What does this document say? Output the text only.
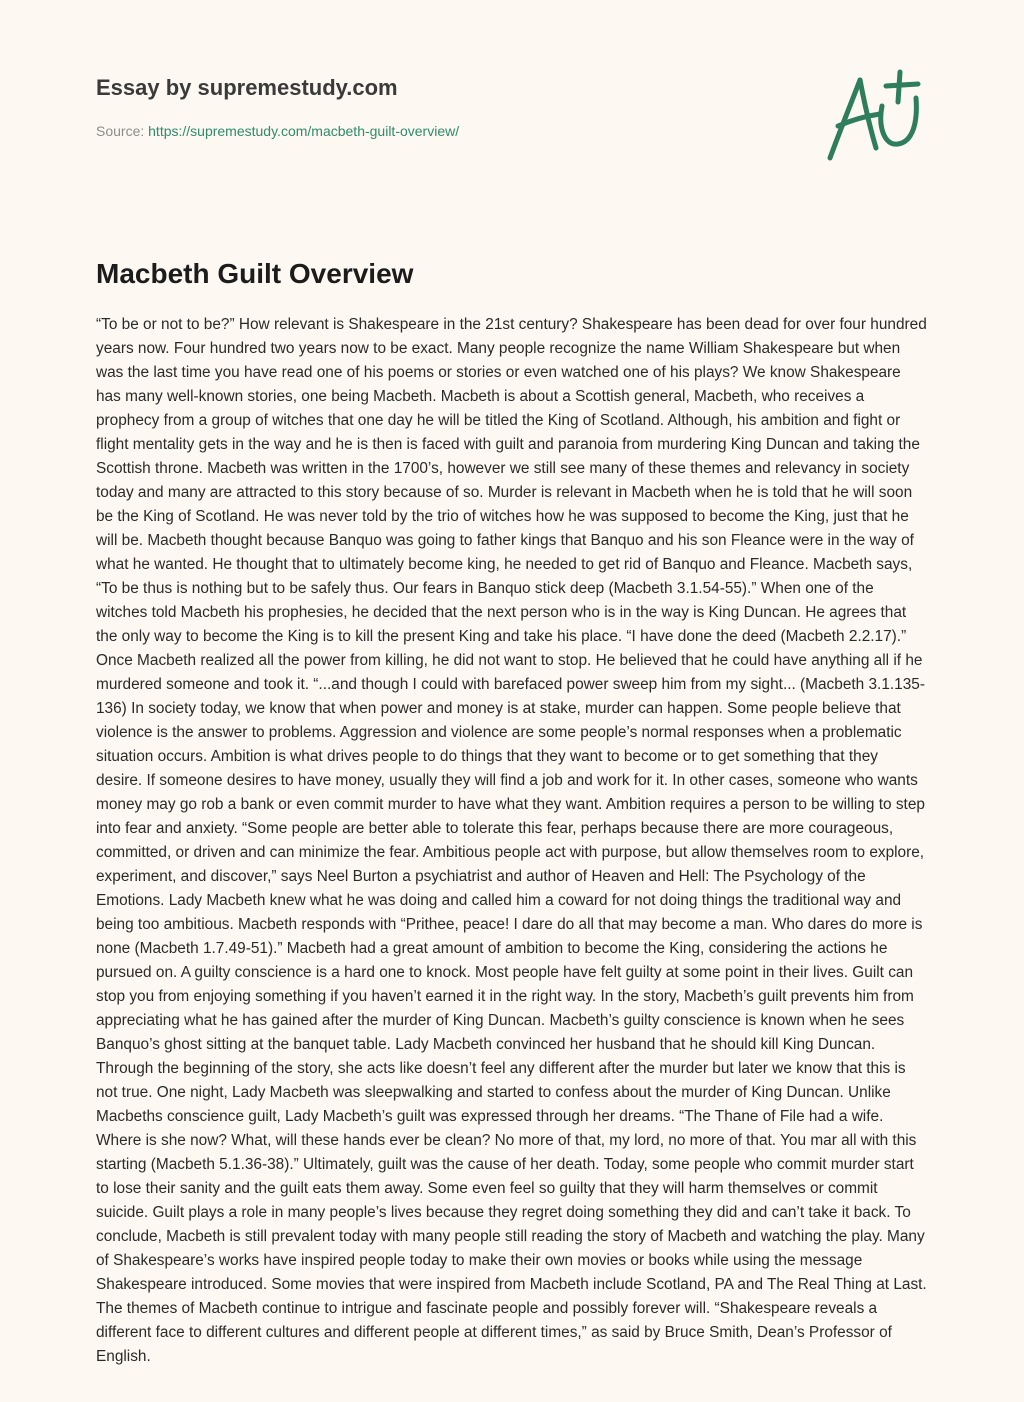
Essay by supremestudy.com
Source: https://supremestudy.com/macbeth-guilt-overview/
Macbeth Guilt Overview

“To be or not to be?” How relevant is Shakespeare in the 21st century? Shakespeare has been dead for over four hundred years now. Four hundred two years now to be exact. Many people recognize the name William Shakespeare but when was the last time you have read one of his poems or stories or even watched one of his plays? We know Shakespeare has many well-known stories, one being Macbeth. Macbeth is about a Scottish general, Macbeth, who receives a prophecy from a group of witches that one day he will be titled the King of Scotland. Although, his ambition and fight or flight mentality gets in the way and he is then is faced with guilt and paranoia from murdering King Duncan and taking the Scottish throne. Macbeth was written in the 1700’s, however we still see many of these themes and relevancy in society today and many are attracted to this story because of so. Murder is relevant in Macbeth when he is told that he will soon be the King of Scotland. He was never told by the trio of witches how he was supposed to become the King, just that he will be. Macbeth thought because Banquo was going to father kings that Banquo and his son Fleance were in the way of what he wanted. He thought that to ultimately become king, he needed to get rid of Banquo and Fleance. Macbeth says, “To be thus is nothing but to be safely thus. Our fears in Banquo stick deep (Macbeth 3.1.54-55).” When one of the witches told Macbeth his prophesies, he decided that the next person who is in the way is King Duncan. He agrees that the only way to become the King is to kill the present King and take his place. “I have done the deed (Macbeth 2.2.17).” Once Macbeth realized all the power from killing, he did not want to stop. He believed that he could have anything all if he murdered someone and took it. “...and though I could with barefaced power sweep him from my sight... (Macbeth 3.1.135-136) In society today, we know that when power and money is at stake, murder can happen. Some people believe that violence is the answer to problems. Aggression and violence are some people’s normal responses when a problematic situation occurs. Ambition is what drives people to do things that they want to become or to get something that they desire. If someone desires to have money, usually they will find a job and work for it. In other cases, someone who wants money may go rob a bank or even commit murder to have what they want. Ambition requires a person to be willing to step into fear and anxiety. “Some people are better able to tolerate this fear, perhaps because there are more courageous, committed, or driven and can minimize the fear. Ambitious people act with purpose, but allow themselves room to explore, experiment, and discover,” says Neel Burton a psychiatrist and author of Heaven and Hell: The Psychology of the Emotions. Lady Macbeth knew what he was doing and called him a coward for not doing things the traditional way and being too ambitious. Macbeth responds with “Prithee, peace! I dare do all that may become a man. Who dares do more is none (Macbeth 1.7.49-51).” Macbeth had a great amount of ambition to become the King, considering the actions he pursued on. A guilty conscience is a hard one to knock. Most people have felt guilty at some point in their lives. Guilt can stop you from enjoying something if you haven’t earned it in the right way. In the story, Macbeth’s guilt prevents him from appreciating what he has gained after the murder of King Duncan. Macbeth’s guilty conscience is known when he sees Banquo’s ghost sitting at the banquet table. Lady Macbeth convinced her husband that he should kill King Duncan. Through the beginning of the story, she acts like doesn’t feel any different after the murder but later we know that this is not true. One night, Lady Macbeth was sleepwalking and started to confess about the murder of King Duncan. Unlike Macbeths conscience guilt, Lady Macbeth’s guilt was expressed through her dreams. “The Thane of File had a wife. Where is she now? What, will these hands ever be clean? No more of that, my lord, no more of that. You mar all with this starting (Macbeth 5.1.36-38).” Ultimately, guilt was the cause of her death. Today, some people who commit murder start to lose their sanity and the guilt eats them away. Some even feel so guilty that they will harm themselves or commit suicide. Guilt plays a role in many people’s lives because they regret doing something they did and can’t take it back. To conclude, Macbeth is still prevalent today with many people still reading the story of Macbeth and watching the play. Many of Shakespeare’s works have inspired people today to make their own movies or books while using the message Shakespeare introduced. Some movies that were inspired from Macbeth include Scotland, PA and The Real Thing at Last. The themes of Macbeth continue to intrigue and fascinate people and possibly forever will. “Shakespeare reveals a different face to different cultures and different people at different times,” as said by Bruce Smith, Dean’s Professor of English.
